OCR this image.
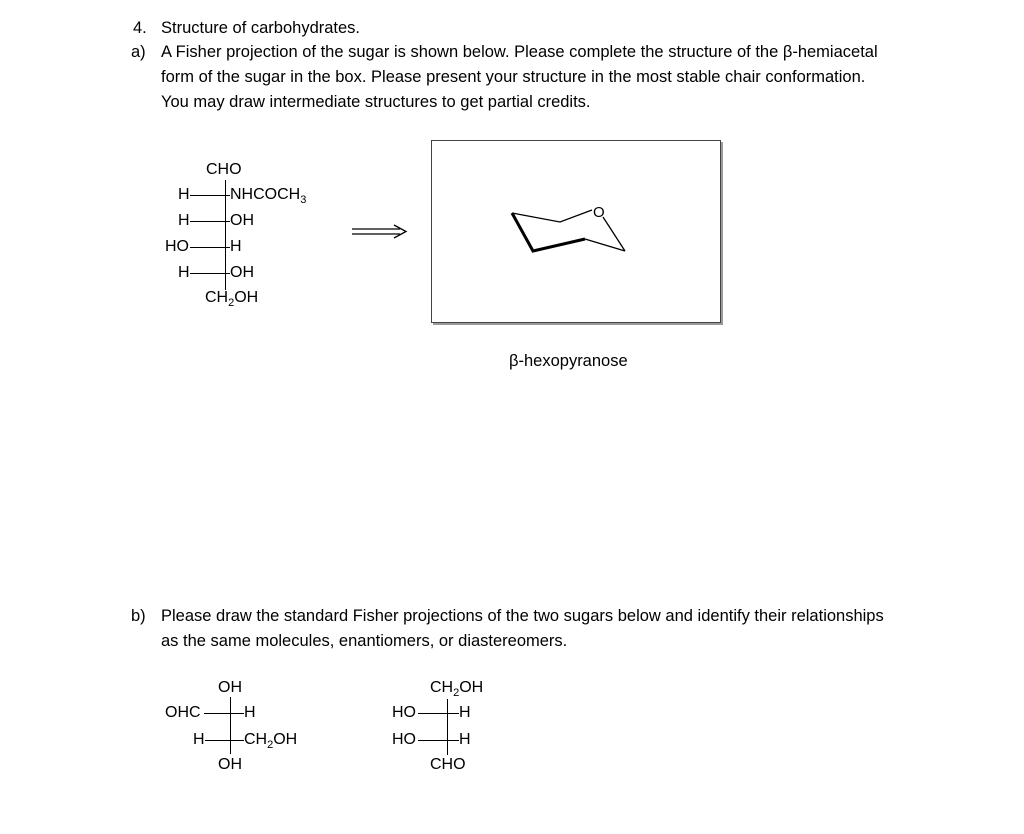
4. Structure of carbohydrates.
a) A Fisher projection of the sugar is shown below. Please complete the structure of the β-hemiacetal
form of the sugar in the box. Please present your structure in the most stable chair conformation.
You may draw intermediate structures to get partial credits.
CHO
H	$NHCOCH_3$
H	OH
HO	H
H	OH
$CH_2OH$
O
β-hexopyranose
b) Please draw the standard Fisher projections of the two sugars below and identify their relationships
as the same molecules, enantiomers, or diastereomers.
OH
OHC	H
H $CH_2OH$
OH
$CH_2OH$
HO	H
HO	H
CHO
